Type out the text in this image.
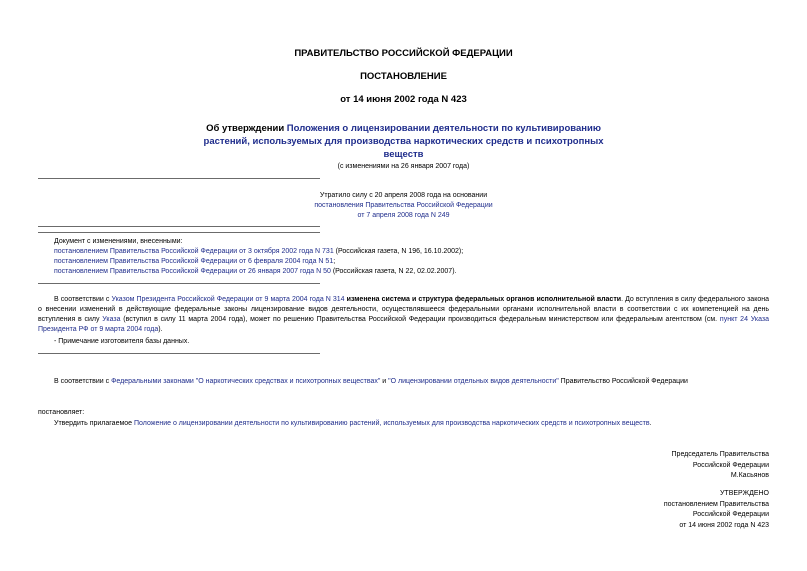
ПРАВИТЕЛЬСТВО РОССИЙСКОЙ ФЕДЕРАЦИИ
ПОСТАНОВЛЕНИЕ
от 14 июня 2002 года N 423
Об утверждении Положения о лицензировании деятельности по культивированию растений, используемых для производства наркотических средств и психотропных веществ
(с изменениями на 26 января 2007 года)
Утратило силу с 20 апреля 2008 года на основании
постановления Правительства Российской Федерации
от 7 апреля 2008 года N 249
Документ с изменениями, внесенными:
постановлением Правительства Российской Федерации от 3 октября 2002 года N 731 (Российская газета, N 196, 16.10.2002);
постановлением Правительства Российской Федерации от 6 февраля 2004 года N 51;
постановлением Правительства Российской Федерации от 26 января 2007 года N 50 (Российская газета, N 22, 02.02.2007).
В соответствии с Указом Президента Российской Федерации от 9 марта 2004 года N 314 изменена система и структура федеральных органов исполнительной власти. До вступления в силу федерального закона о внесении изменений в действующие федеральные законы лицензирование видов деятельности, осуществлявшееся федеральными органами исполнительной власти в соответствии с их компетенцией на день вступления в силу Указа (вступил в силу 11 марта 2004 года), может по решению Правительства Российской Федерации производиться федеральным министерством или федеральным агентством (см. пункт 24 Указа Президента РФ от 9 марта 2004 года).
- Примечание изготовителя базы данных.
В соответствии с Федеральными законами "О наркотических средствах и психотропных веществах" и "О лицензировании отдельных видов деятельности" Правительство Российской Федерации
постановляет:
Утвердить прилагаемое Положение о лицензировании деятельности по культивированию растений, используемых для производства наркотических средств и психотропных веществ.
Председатель Правительства
Российской Федерации
М.Касьянов
УТВЕРЖДЕНО
постановлением Правительства
Российской Федерации
от 14 июня 2002 года N 423
